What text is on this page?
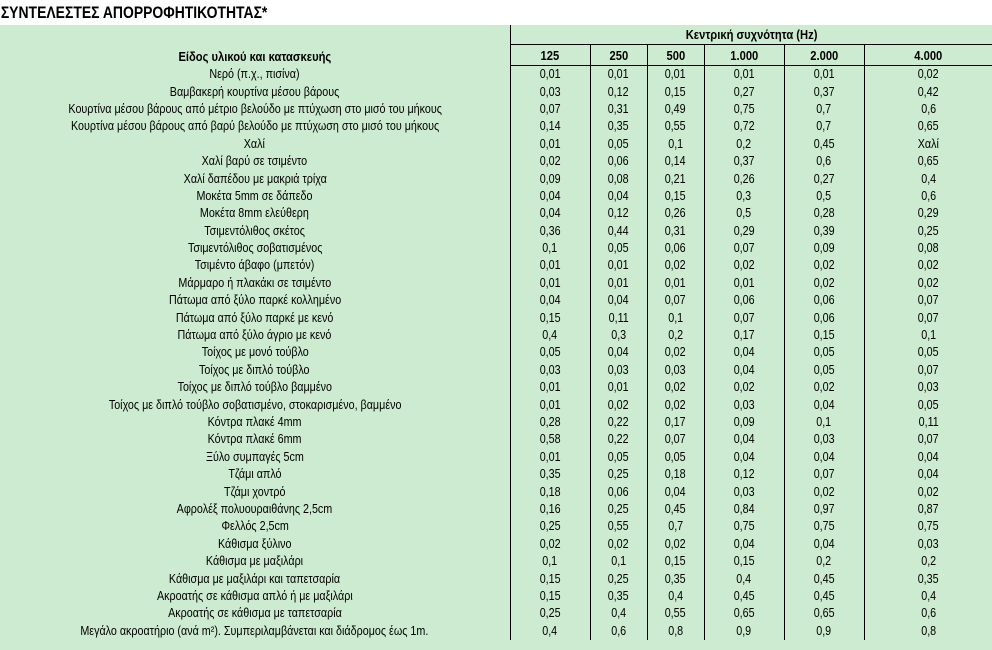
ΣΥΝΤΕΛΕΣΤΕΣ ΑΠΟΡΡΟΦΗΤΙΚΟΤΗΤΑΣ*
Είδος υλικού και κατασκευής	Κεντρική συχνότητα (Hz)					
	125	250	500	1.000	2.000	4.000
Νερό (π.χ., πισίνα)	0,01	0,01	0,01	0,01	0,01	0,02
Βαμβακερή κουρτίνα μέσου βάρους	0,03	0,12	0,15	0,27	0,37	0,42
Κουρτίνα μέσου βάρους από μέτριο βελούδο με πτύχωση στο μισό του μήκους	0,07	0,31	0,49	0,75	0,7	0,6
Κουρτίνα μέσου βάρους από βαρύ βελούδο με πτύχωση στο μισό του μήκους	0,14	0,35	0,55	0,72	0,7	0,65
Χαλί	0,01	0,05	0,1	0,2	0,45	Χαλί
Χαλί βαρύ σε τσιμέντο	0,02	0,06	0,14	0,37	0,6	0,65
Χαλί δαπέδου με μακριά τρίχα	0,09	0,08	0,21	0,26	0,27	0,4
Μοκέτα 5mm σε δάπεδο	0,04	0,04	0,15	0,3	0,5	0,6
Μοκέτα 8mm ελεύθερη	0,04	0,12	0,26	0,5	0,28	0,29
Τσιμεντόλιθος σκέτος	0,36	0,44	0,31	0,29	0,39	0,25
Τσιμεντόλιθος σοβατισμένος	0,1	0,05	0,06	0,07	0,09	0,08
Τσιμέντο άβαφο (μπετόν)	0,01	0,01	0,02	0,02	0,02	0,02
Μάρμαρο ή πλακάκι σε τσιμέντο	0,01	0,01	0,01	0,01	0,02	0,02
Πάτωμα από ξύλο παρκέ κολλημένο	0,04	0,04	0,07	0,06	0,06	0,07
Πάτωμα από ξύλο παρκέ με κενό	0,15	0,11	0,1	0,07	0,06	0,07
Πάτωμα από ξύλο άγριο με κενό	0,4	0,3	0,2	0,17	0,15	0,1
Τοίχος με μονό τούβλο	0,05	0,04	0,02	0,04	0,05	0,05
Τοίχος με διπλό τούβλο	0,03	0,03	0,03	0,04	0,05	0,07
Τοίχος με διπλό τούβλο βαμμένο	0,01	0,01	0,02	0,02	0,02	0,03
Τοίχος με διπλό τούβλο σοβατισμένο, στοκαρισμένο, βαμμένο	0,01	0,02	0,02	0,03	0,04	0,05
Κόντρα πλακέ 4mm	0,28	0,22	0,17	0,09	0,1	0,11
Κόντρα πλακέ 6mm	0,58	0,22	0,07	0,04	0,03	0,07
Ξύλο συμπαγές 5cm	0,01	0,05	0,05	0,04	0,04	0,04
Τζάμι απλό	0,35	0,25	0,18	0,12	0,07	0,04
Τζάμι χοντρό	0,18	0,06	0,04	0,03	0,02	0,02
Αφρολέξ πολυουραιθάνης 2,5cm	0,16	0,25	0,45	0,84	0,97	0,87
Φελλός 2,5cm	0,25	0,55	0,7	0,75	0,75	0,75
Κάθισμα ξύλινο	0,02	0,02	0,02	0,04	0,04	0,03
Κάθισμα με μαξιλάρι	0,1	0,1	0,15	0,15	0,2	0,2
Κάθισμα με μαξιλάρι και ταπετσαρία	0,15	0,25	0,35	0,4	0,45	0,35
Ακροατής σε κάθισμα απλό ή με μαξιλάρι	0,15	0,35	0,4	0,45	0,45	0,4
Ακροατής σε κάθισμα με ταπετσαρία	0,25	0,4	0,55	0,65	0,65	0,6
Μεγάλο ακροατήριο (ανά m²). Συμπεριλαμβάνεται και διάδρομος έως 1m.	0,4	0,6	0,8	0,9	0,9	0,8
